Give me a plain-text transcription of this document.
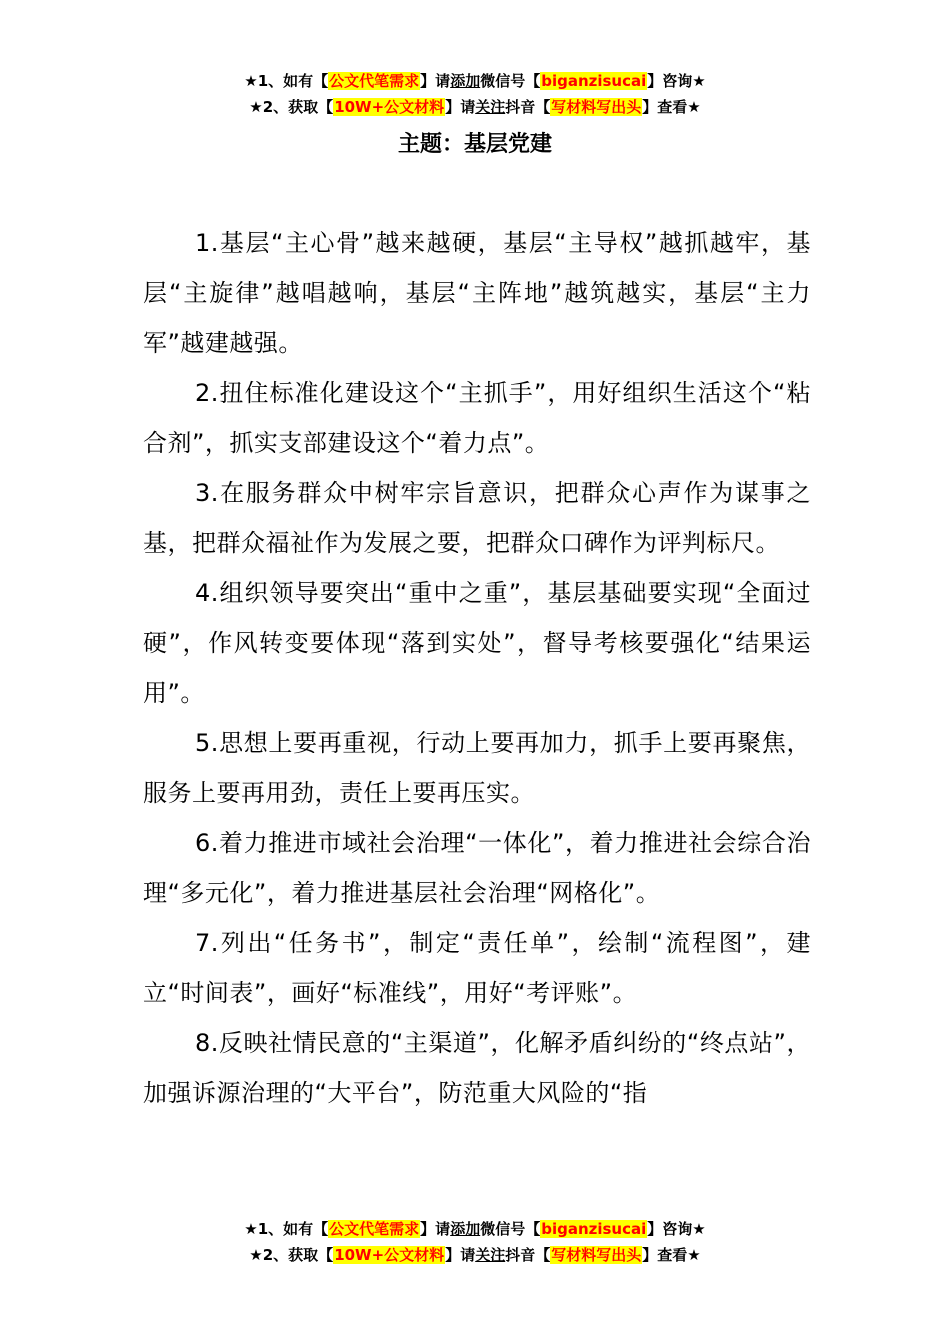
★1、如有【公文代笔需求】请添加微信号【biganzisucai】咨询★
★2、获取【10W+公文材料】请关注抖音【写材料写出头】查看★
主题：基层党建

1.基层“主心骨”越来越硬，基层“主导权”越抓越牢，基层“主旋律”越唱越响，基层“主阵地”越筑越实，基层“主力军”越建越强。

2.扭住标准化建设这个“主抓手”，用好组织生活这个“粘合剂”，抓实支部建设这个“着力点”。

3.在服务群众中树牢宗旨意识，把群众心声作为谋事之基，把群众福祉作为发展之要，把群众口碑作为评判标尺。

4.组织领导要突出“重中之重”，基层基础要实现“全面过硬”，作风转变要体现“落到实处”，督导考核要强化“结果运用”。

5.思想上要再重视，行动上要再加力，抓手上要再聚焦，服务上要再用劲，责任上要再压实。

6.着力推进市域社会治理“一体化”，着力推进社会综合治理“多元化”，着力推进基层社会治理“网格化”。

7.列出“任务书”，制定“责任单”，绘制“流程图”，建立“时间表”，画好“标准线”，用好“考评账”。

8.反映社情民意的“主渠道”，化解矛盾纠纷的“终点站”，加强诉源治理的“大平台”，防范重大风险的“指

★1、如有【公文代笔需求】请添加微信号【biganzisucai】咨询★
★2、获取【10W+公文材料】请关注抖音【写材料写出头】查看★
